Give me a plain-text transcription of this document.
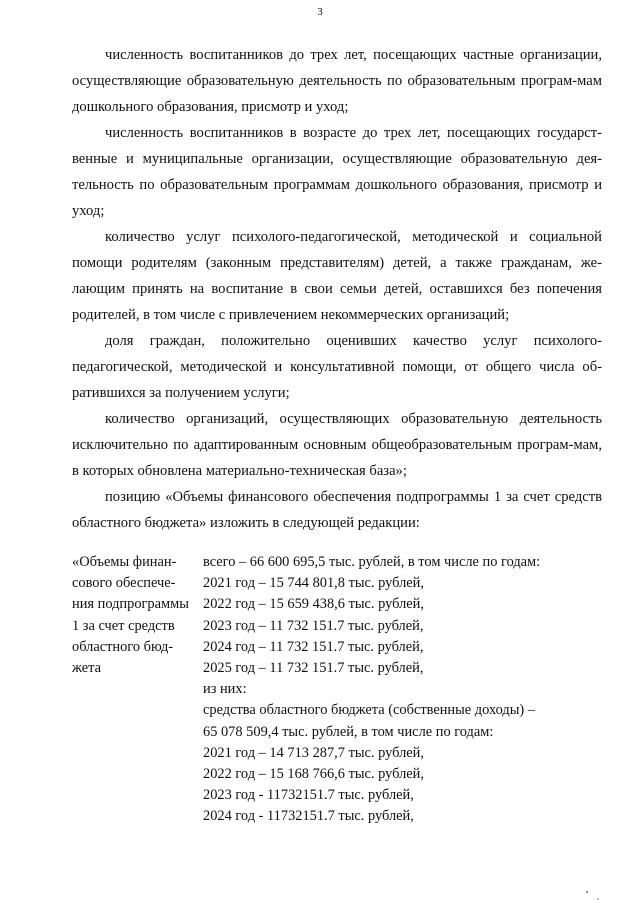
3

численность воспитанников до трех лет, посещающих частные организации, осуществляющие образовательную деятельность по образовательным програм-мам дошкольного образования, присмотр и уход;

численность воспитанников в возрасте до трех лет, посещающих государст-венные и муниципальные организации, осуществляющие образовательную дея-тельность по образовательным программам дошкольного образования, присмотр и уход;

количество услуг психолого-педагогической, методической и социальной помощи родителям (законным представителям) детей, а также гражданам, же-лающим принять на воспитание в свои семьи детей, оставшихся без попечения родителей, в том числе с привлечением некоммерческих организаций;

доля граждан, положительно оценивших качество услуг психолого-педагогической, методической и консультативной помощи, от общего числа об-ратившихся за получением услуги;

количество организаций, осуществляющих образовательную деятельность исключительно по адаптированным основным общеобразовательным програм-мам, в которых обновлена материально-техническая база»;

позицию «Объемы финансового обеспечения подпрограммы 1 за счет средств областного бюджета» изложить в следующей редакции:

«Объемы финан-
сового обеспече-
ния подпрограммы
1 за счет средств
областного бюд-
жета
всего – 66 600 695,5 тыс. рублей, в том числе по годам:
2021 год – 15 744 801,8 тыс. рублей,
2022 год – 15 659 438,6 тыс. рублей,
2023 год – 11 732 151.7 тыс. рублей,
2024 год – 11 732 151.7 тыс. рублей,
2025 год – 11 732 151.7 тыс. рублей,
из них:
средства областного бюджета (собственные доходы) –
65 078 509,4 тыс. рублей, в том числе по годам:
2021 год – 14 713 287,7 тыс. рублей,
2022 год – 15 168 766,6 тыс. рублей,
2023 год - 11732151.7 тыс. рублей,
2024 год - 11732151.7 тыс. рублей,
